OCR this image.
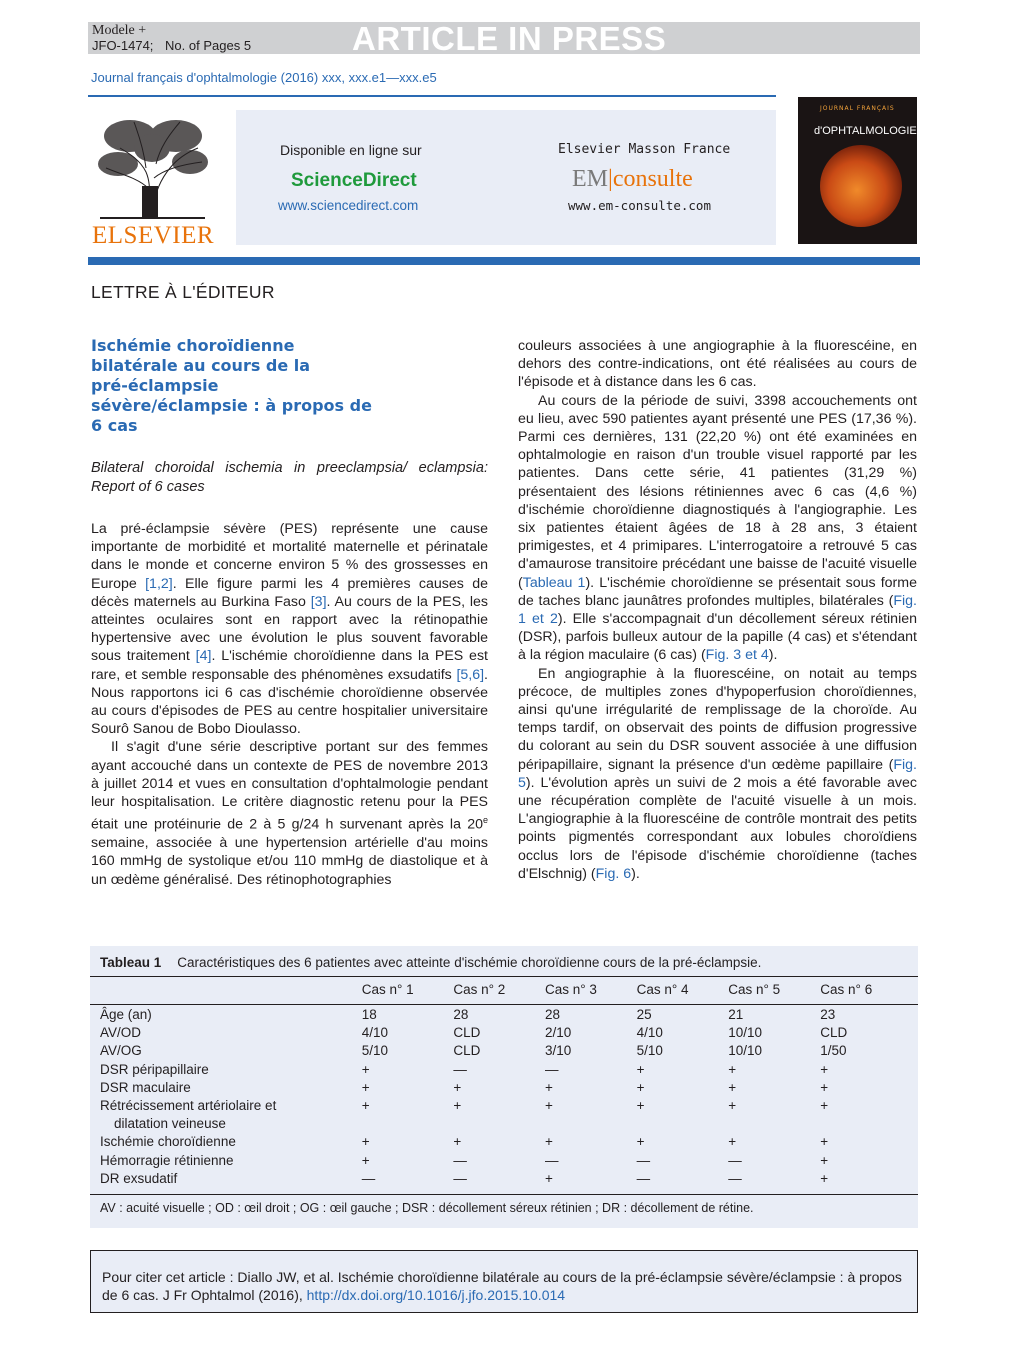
Modele +
JFO-1474; No. of Pages 5	ARTICLE IN PRESS
Journal français d'ophtalmologie (2016) xxx, xxx.e1—xxx.e5
ELSEVIER
Disponible en ligne sur
ScienceDirect
www.sciencedirect.com
Elsevier Masson France
EM|consulte
www.em-consulte.com
JOURNAL FRANÇAIS
d'OPHTALMOLOGIE
LETTRE À L'ÉDITEUR
Ischémie choroïdienne
bilatérale au cours de la
pré-éclampsie
sévère/éclampsie : à propos de
6 cas
Bilateral choroidal ischemia in preeclampsia/ eclampsia: Report of 6 cases

La pré-éclampsie sévère (PES) représente une cause importante de morbidité et mortalité maternelle et périnatale dans le monde et concerne environ 5 % des grossesses en Europe [1,2]. Elle figure parmi les 4 premières causes de décès maternels au Burkina Faso [3]. Au cours de la PES, les atteintes oculaires sont en rapport avec la rétinopathie hypertensive avec une évolution le plus souvent favorable sous traitement [4]. L'ischémie choroïdienne dans la PES est rare, et semble responsable des phénomènes exsudatifs [5,6]. Nous rapportons ici 6 cas d'ischémie choroïdienne observée au cours d'épisodes de PES au centre hospitalier universitaire Sourô Sanou de Bobo Dioulasso.

Il s'agit d'une série descriptive portant sur des femmes ayant accouché dans un contexte de PES de novembre 2013 à juillet 2014 et vues en consultation d'ophtalmologie pendant leur hospitalisation. Le critère diagnostic retenu pour la PES était une protéinurie de 2 à 5 g/24 h survenant après la 20e semaine, associée à une hypertension artérielle d'au moins 160 mmHg de systolique et/ou 110 mmHg de diastolique et à un œdème généralisé. Des rétinophotographies

couleurs associées à une angiographie à la fluorescéine, en dehors des contre-indications, ont été réalisées au cours de l'épisode et à distance dans les 6 cas.

Au cours de la période de suivi, 3398 accouchements ont eu lieu, avec 590 patientes ayant présenté une PES (17,36 %). Parmi ces dernières, 131 (22,20 %) ont été examinées en ophtalmologie en raison d'un trouble visuel rapporté par les patientes. Dans cette série, 41 patientes (31,29 %) présentaient des lésions rétiniennes avec 6 cas (4,6 %) d'ischémie choroïdienne diagnostiqués à l'angiographie. Les six patientes étaient âgées de 18 à 28 ans, 3 étaient primigestes, et 4 primipares. L'interrogatoire a retrouvé 5 cas d'amaurose transitoire précédant une baisse de l'acuité visuelle (Tableau 1). L'ischémie choroïdienne se présentait sous forme de taches blanc jaunâtres profondes multiples, bilatérales (Fig. 1 et 2). Elle s'accompagnait d'un décollement séreux rétinien (DSR), parfois bulleux autour de la papille (4 cas) et s'étendant à la région maculaire (6 cas) (Fig. 3 et 4).

En angiographie à la fluorescéine, on notait au temps précoce, de multiples zones d'hypoperfusion choroïdiennes, ainsi qu'une irrégularité de remplissage de la choroïde. Au temps tardif, on observait des points de diffusion progressive du colorant au sein du DSR souvent associée à une diffusion péripapillaire, signant la présence d'un œdème papillaire (Fig. 5). L'évolution après un suivi de 2 mois a été favorable avec une récupération complète de l'acuité visuelle à un mois. L'angiographie à la fluorescéine de contrôle montrait des petits points pigmentés correspondant aux lobules choroïdiens occlus lors de l'épisode d'ischémie choroïdienne (taches d'Elschnig) (Fig. 6).

Tableau 1 Caractéristiques des 6 patientes avec atteinte d'ischémie choroïdienne cours de la pré-éclampsie.
	Cas n° 1	Cas n° 2	Cas n° 3	Cas n° 4	Cas n° 5	Cas n° 6

Âge (an)	18	28	28	25	21	23

AV/OD	4/10	CLD	2/10	4/10	10/10	CLD

AV/OG	5/10	CLD	3/10	5/10	10/10	1/50

DSR péripapillaire	+	—	—	+	+	+

DSR maculaire	+	+	+	+	+	+

Rétrécissement artériolaire et
dilatation veineuse	+	+	+	+	+	+

Ischémie choroïdienne	+	+	+	+	+	+

Hémorragie rétinienne	+	—	—	—	—	+

DR exsudatif	—	—	+	—	—	+
AV : acuité visuelle ; OD : œil droit ; OG : œil gauche ; DSR : décollement séreux rétinien ; DR : décollement de rétine.
Pour citer cet article : Diallo JW, et al. Ischémie choroïdienne bilatérale au cours de la pré-éclampsie sévère/éclampsie : à propos de 6 cas. J Fr Ophtalmol (2016), http://dx.doi.org/10.1016/j.jfo.2015.10.014
